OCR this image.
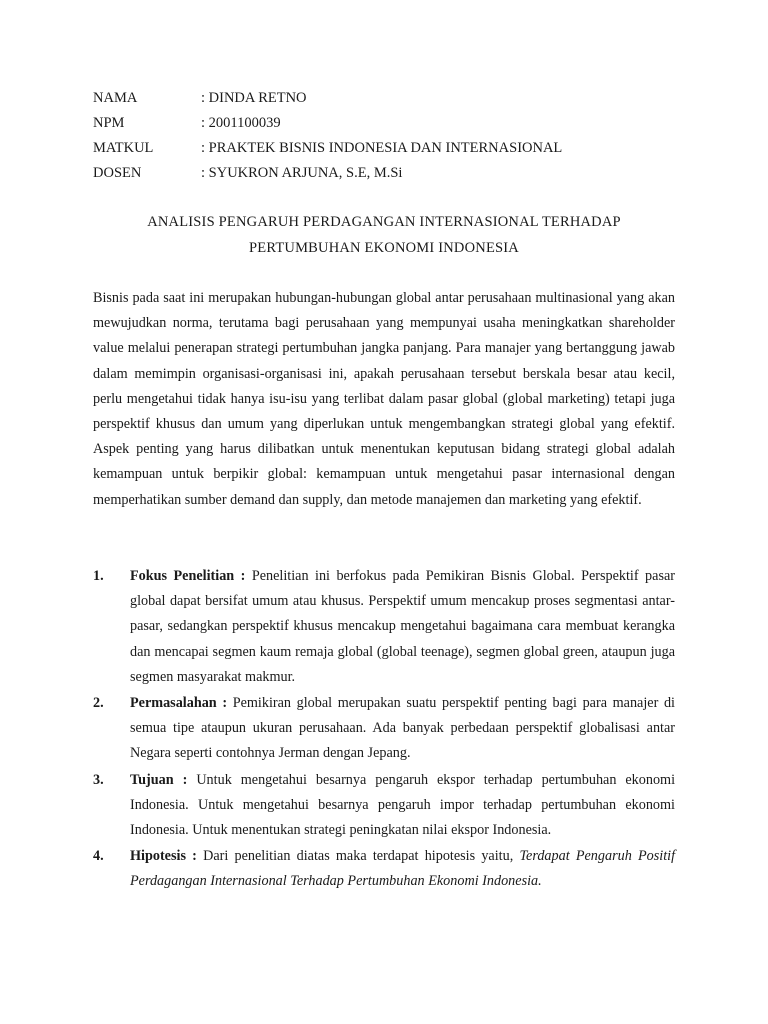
NAMA	: DINDA RETNO
NPM	: 2001100039
MATKUL	: PRAKTEK BISNIS INDONESIA DAN INTERNASIONAL
DOSEN	: SYUKRON ARJUNA, S.E, M.Si
ANALISIS PENGARUH PERDAGANGAN INTERNASIONAL TERHADAP
PERTUMBUHAN EKONOMI INDONESIA

Bisnis pada saat ini merupakan hubungan-hubungan global antar perusahaan multinasional yang akan mewujudkan norma, terutama bagi perusahaan yang mempunyai usaha meningkatkan shareholder value melalui penerapan strategi pertumbuhan jangka panjang. Para manajer yang bertanggung jawab dalam memimpin organisasi-organisasi ini, apakah perusahaan tersebut berskala besar atau kecil, perlu mengetahui tidak hanya isu-isu yang terlibat dalam pasar global (global marketing) tetapi juga perspektif khusus dan umum yang diperlukan untuk mengembangkan strategi global yang efektif. Aspek penting yang harus dilibatkan untuk menentukan keputusan bidang strategi global adalah kemampuan untuk berpikir global: kemampuan untuk mengetahui pasar internasional dengan memperhatikan sumber demand dan supply, dan metode manajemen dan marketing yang efektif.

1.	Fokus Penelitian : Penelitian ini berfokus pada Pemikiran Bisnis Global. Perspektif pasar global dapat bersifat umum atau khusus. Perspektif umum mencakup proses segmentasi antar-pasar, sedangkan perspektif khusus mencakup mengetahui bagaimana cara membuat kerangka dan mencapai segmen kaum remaja global (global teenage), segmen global green, ataupun juga segmen masyarakat makmur.
2.	Permasalahan : Pemikiran global merupakan suatu perspektif penting bagi para manajer di semua tipe ataupun ukuran perusahaan. Ada banyak perbedaan perspektif globalisasi antar Negara seperti contohnya Jerman dengan Jepang.
3.	Tujuan : Untuk mengetahui besarnya pengaruh ekspor terhadap pertumbuhan ekonomi Indonesia. Untuk mengetahui besarnya pengaruh impor terhadap pertumbuhan ekonomi Indonesia. Untuk menentukan strategi peningkatan nilai ekspor Indonesia.
4.	Hipotesis : Dari penelitian diatas maka terdapat hipotesis yaitu, Terdapat Pengaruh Positif Perdagangan Internasional Terhadap Pertumbuhan Ekonomi Indonesia.
